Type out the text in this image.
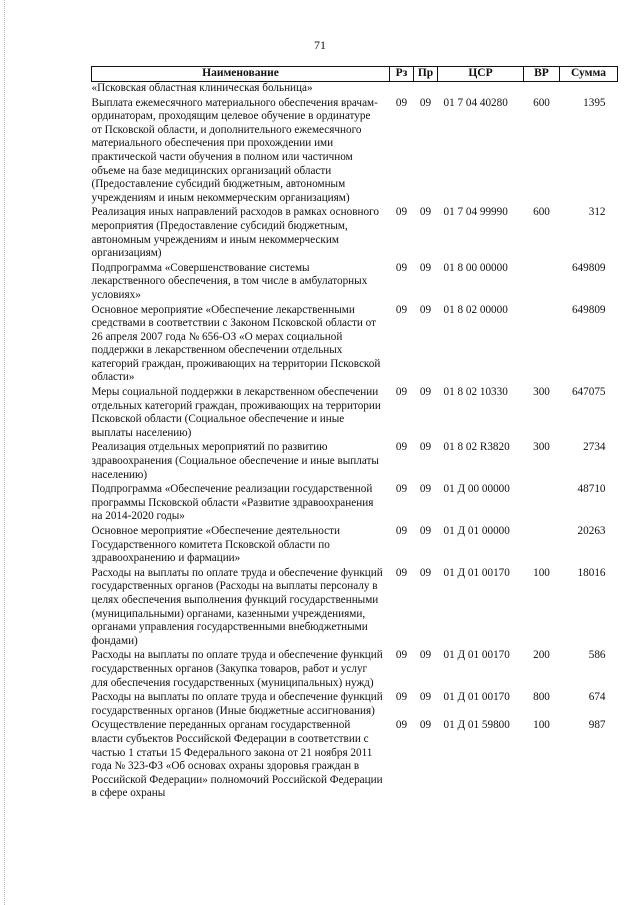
71
Наименование	Рз	Пр	ЦСР	ВР	Сумма
«Псковская областная клиническая больница»					
Выплата ежемесячного материального обеспечения врачам-ординаторам, проходящим целевое обучение в ординатуре от Псковской области, и дополнительного ежемесячного материального обеспечения при прохождении ими практической части обучения в полном или частичном объеме на базе медицинских организаций области (Предоставление субсидий бюджетным, автономным учреждениям и иным некоммерческим организациям)	09	09	01 7 04 40280	600	1395
Реализация иных направлений расходов в рамках основного мероприятия (Предоставление субсидий бюджетным, автономным учреждениям и иным некоммерческим организациям)	09	09	01 7 04 99990	600	312
Подпрограмма «Совершенствование системы лекарственного обеспечения, в том числе в амбулаторных условиях»	09	09	01 8 00 00000		649809
Основное мероприятие «Обеспечение лекарственными средствами в соответствии с Законом Псковской области от 26 апреля 2007 года № 656-ОЗ «О мерах социальной поддержки в лекарственном обеспечении отдельных категорий граждан, проживающих на территории Псковской области»	09	09	01 8 02 00000		649809
Меры социальной поддержки в лекарственном обеспечении отдельных категорий граждан, проживающих на территории Псковской области (Социальное обеспечение и иные выплаты населению)	09	09	01 8 02 10330	300	647075
Реализация отдельных мероприятий по развитию здравоохранения (Социальное обеспечение и иные выплаты населению)	09	09	01 8 02 R3820	300	2734
Подпрограмма «Обеспечение реализации государственной программы Псковской области «Развитие здравоохранения на 2014-2020 годы»	09	09	01 Д 00 00000		48710
Основное мероприятие «Обеспечение деятельности Государственного комитета Псковской области по здравоохранению и фармации»	09	09	01 Д 01 00000		20263
Расходы на выплаты по оплате труда и обеспечение функций государственных органов (Расходы на выплаты персоналу в целях обеспечения выполнения функций государственными (муниципальными) органами, казенными учреждениями, органами управления государственными внебюджетными фондами)	09	09	01 Д 01 00170	100	18016
Расходы на выплаты по оплате труда и обеспечение функций государственных органов (Закупка товаров, работ и услуг для обеспечения государственных (муниципальных) нужд)	09	09	01 Д 01 00170	200	586
Расходы на выплаты по оплате труда и обеспечение функций государственных органов (Иные бюджетные ассигнования)	09	09	01 Д 01 00170	800	674
Осуществление переданных органам государственной власти субъектов Российской Федерации в соответствии с частью 1 статьи 15 Федерального закона от 21 ноября 2011 года № 323-ФЗ «Об основах охраны здоровья граждан в Российской Федерации» полномочий Российской Федерации в сфере охраны	09	09	01 Д 01 59800	100	987
